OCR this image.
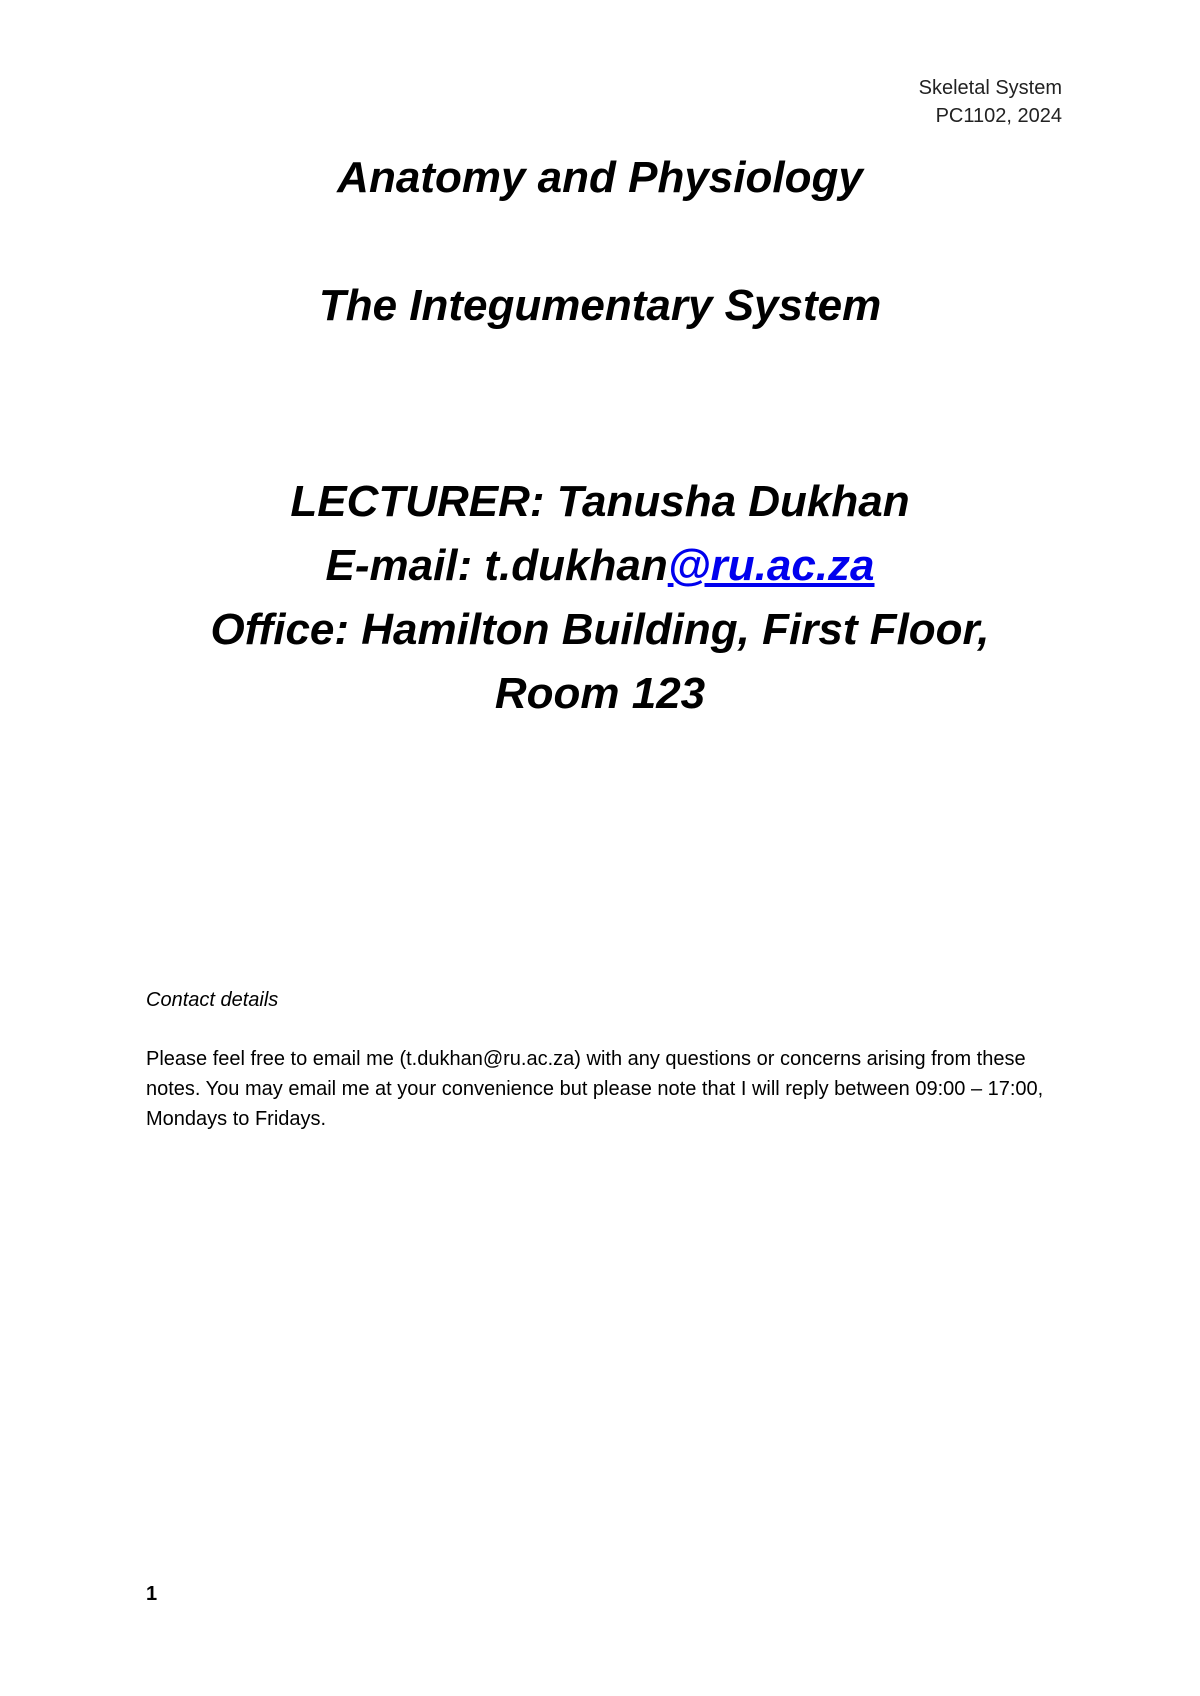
Skeletal System
PC1102, 2024
Anatomy and Physiology
The Integumentary System
LECTURER: Tanusha Dukhan
E-mail: t.dukhan@ru.ac.za
Office: Hamilton Building, First Floor,
Room 123
Contact details
Please feel free to email me (t.dukhan@ru.ac.za) with any questions or concerns arising from these notes. You may email me at your convenience but please note that I will reply between 09:00 – 17:00, Mondays to Fridays.
1
